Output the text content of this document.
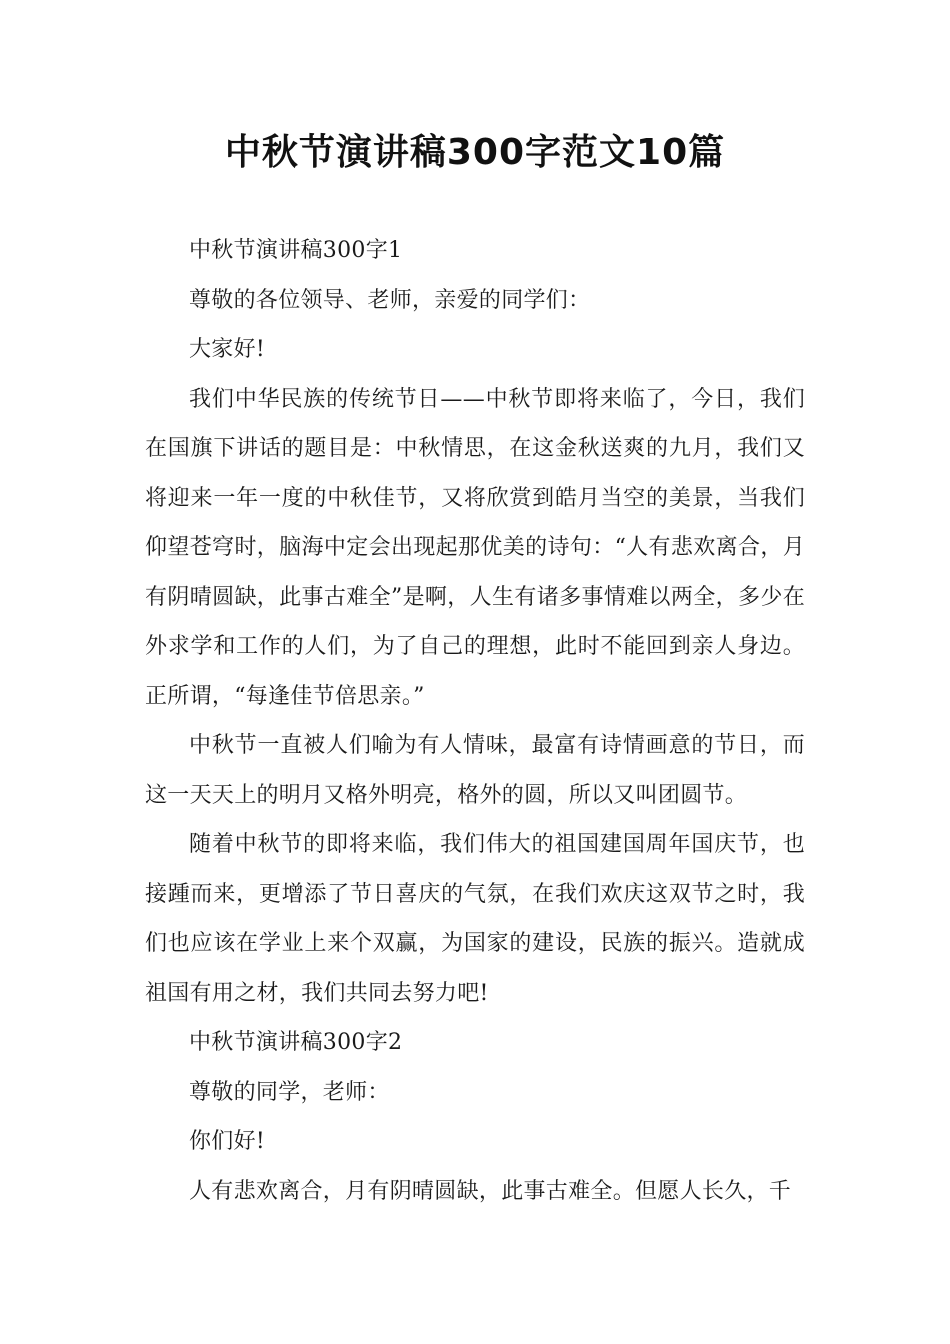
中秋节演讲稿300字范文10篇

中秋节演讲稿300字1

尊敬的各位领导、老师，亲爱的同学们：

大家好!

我们中华民族的传统节日——中秋节即将来临了，今日，我们在国旗下讲话的题目是：中秋情思，在这金秋送爽的九月，我们又将迎来一年一度的中秋佳节，又将欣赏到皓月当空的美景，当我们仰望苍穹时，脑海中定会出现起那优美的诗句：“人有悲欢离合，月有阴晴圆缺，此事古难全”是啊，人生有诸多事情难以两全，多少在外求学和工作的人们，为了自己的理想，此时不能回到亲人身边。正所谓，“每逢佳节倍思亲。”

中秋节一直被人们喻为有人情味，最富有诗情画意的节日，而这一天天上的明月又格外明亮，格外的圆，所以又叫团圆节。

随着中秋节的即将来临，我们伟大的祖国建国周年国庆节，也接踵而来，更增添了节日喜庆的气氛，在我们欢庆这双节之时，我们也应该在学业上来个双赢，为国家的建设，民族的振兴。造就成祖国有用之材，我们共同去努力吧!

中秋节演讲稿300字2

尊敬的同学，老师：

你们好!

人有悲欢离合，月有阴晴圆缺，此事古难全。但愿人长久，千
